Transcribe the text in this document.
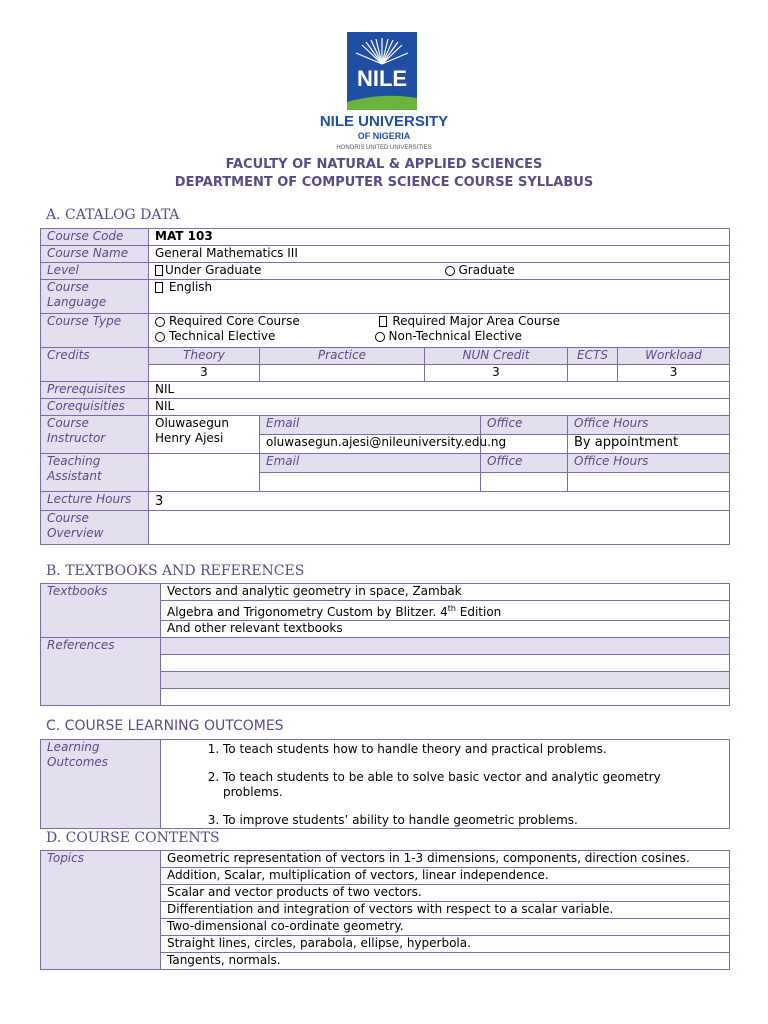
NILE
NILE UNIVERSITY
OF NIGERIA
HONORIS UNITED UNIVERSITIES
FACULTY OF NATURAL & APPLIED SCIENCES
DEPARTMENT OF COMPUTER SCIENCE COURSE SYLLABUS
A. CATALOG DATA
Course Code	MAT 103					
Course Name	General Mathematics III					
Level	Under Graduate Graduate					

Course Language	English					
Course Type	Required Core Course Required Major Area Course
Technical Elective Non-Technical Elective					

Credits	Theory	Practice	NUN Credit		ECTS	Workload
	3		3			3
Prerequisites	NIL					
Corequisities	NIL					
Course Instructor	Oluwasegun Henry Ajesi	Email		Office	Office Hours	
		oluwasegun.ajesi@nileuniversity.edu.ng			By appointment	
Teaching Assistant		Email		Office	Office Hours	

Lecture Hours	3					
Course Overview						
B. TEXTBOOKS AND REFERENCES
Textbooks	Vectors and analytic geometry in space, Zambak
	Algebra and Trigonometry Custom by Blitzer. 4th Edition
	And other relevant textbooks
References	

C. COURSE LEARNING OUTCOMES
Learning Outcomes	
1. To teach students how to handle theory and practical problems.
2. To teach students to be able to solve basic vector and analytic geometry problems.
3. To improve students’ ability to handle geometric problems.
D. COURSE CONTENTS
Topics	Geometric representation of vectors in 1-3 dimensions, components, direction cosines.
Addition, Scalar, multiplication of vectors, linear independence.
Scalar and vector products of two vectors.
Differentiation and integration of vectors with respect to a scalar variable.
Two-dimensional co-ordinate geometry.
Straight lines, circles, parabola, ellipse, hyperbola.
Tangents, normals.
